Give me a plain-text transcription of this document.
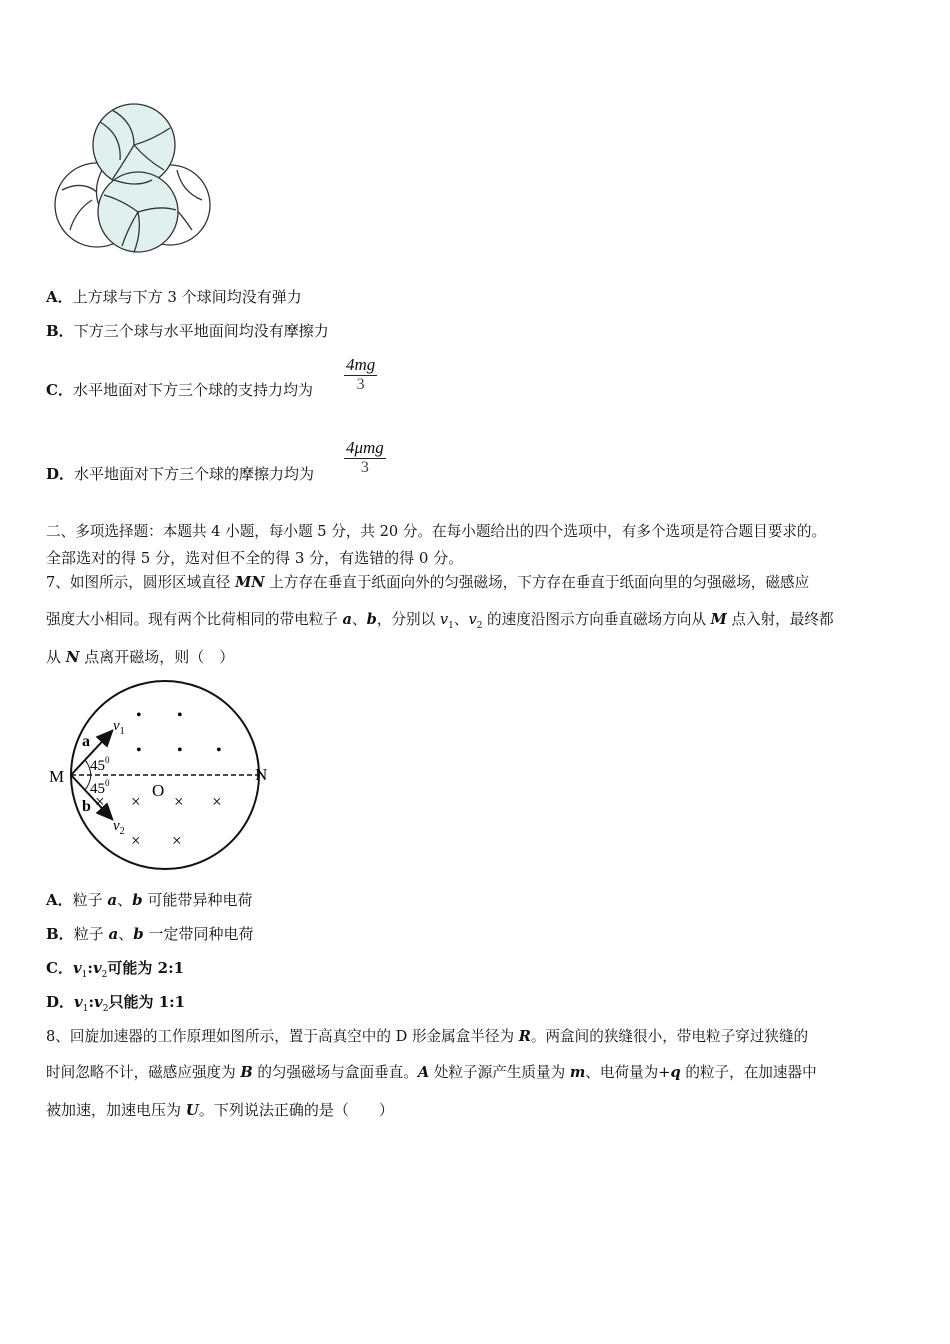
A．上方球与下方 3 个球间均没有弹力
B．下方三个球与水平地面间均没有摩擦力
C．水平地面对下方三个球的支持力均为 $\frac{4mg}{3}$
D．水平地面对下方三个球的摩擦力均为
4μmg
3
二、多项选择题：本题共 4 小题，每小题 5 分，共 20 分。在每小题给出的四个选项中，有多个选项是符合题目要求的。
全部选对的得 5 分，选对但不全的得 3 分，有选错的得 0 分。
7、如图所示，圆形区域直径 MN 上方存在垂直于纸面向外的匀强磁场，下方存在垂直于纸面向里的匀强磁场，磁感应
强度大小相同。现有两个比荷相同的带电粒子 a、b，分别以 $v_1$、$v_2$ 的速度沿图示方向垂直磁场方向从 M 点入射，最终都
从 N 点离开磁场，则（　）
M	N
O
a
b
$v_1$
$v_2$
$45^0$
$45^0$
• •
• • •
× × × ×
× ×
A．粒子 a、b 可能带异种电荷
B．粒子 a、b 一定带同种电荷
C．$v_1:v_2$可能为 2:1
D．$v_1:v_2$只能为 1:1
8、回旋加速器的工作原理如图所示，置于高真空中的 D 形金属盒半径为 R。两盒间的狭缝很小，带电粒子穿过狭缝的
时间忽略不计，磁感应强度为 B 的匀强磁场与盒面垂直。A 处粒子源产生质量为 m、电荷量为+q 的粒子，在加速器中
被加速，加速电压为 U。下列说法正确的是（　　）
